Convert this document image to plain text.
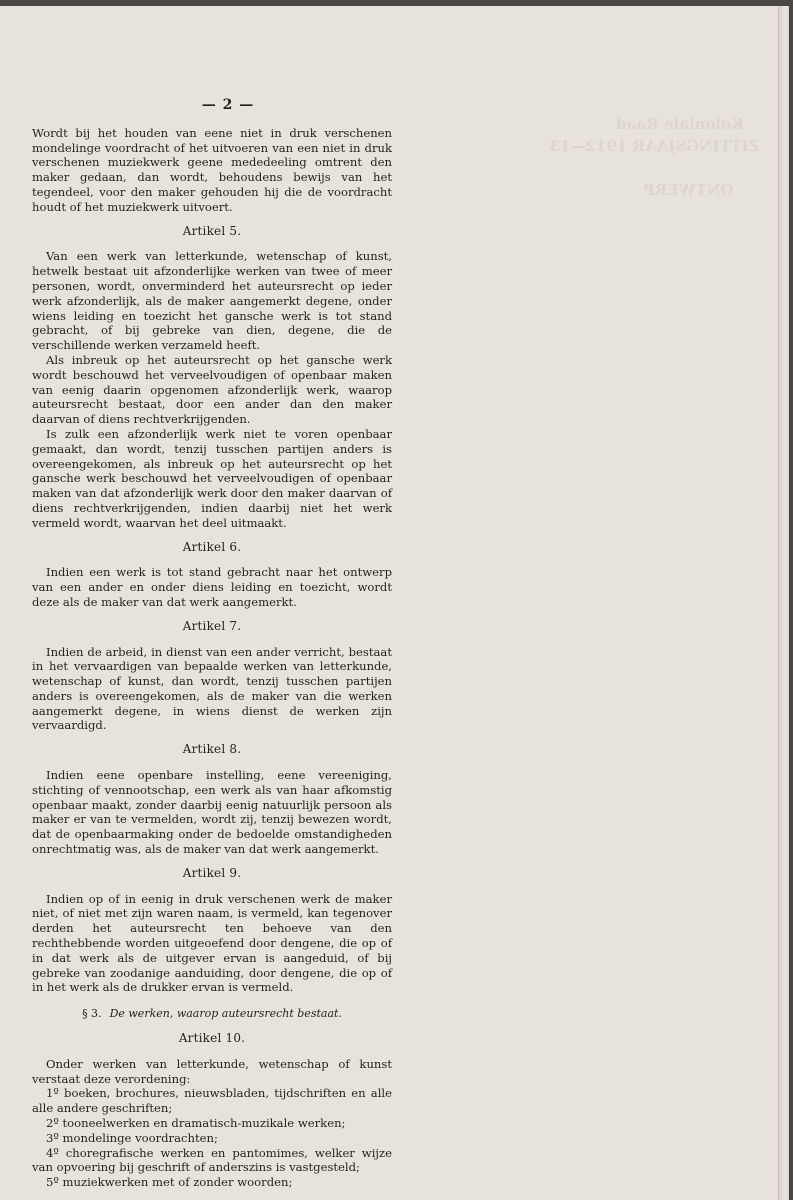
Koloniale Raad
ZITTINGSJAAR 1912—13

ONTWERP

— 2 —

Wordt bij het houden van eene niet in druk verschenen mondelinge voordracht of het uitvoeren van een niet in druk verschenen muziekwerk geene mededeeling omtrent den maker gedaan, dan wordt, behoudens bewijs van het tegendeel, voor den maker gehouden hij die de voordracht houdt of het muziekwerk uitvoert.

Artikel 5.

Van een werk van letterkunde, wetenschap of kunst, hetwelk bestaat uit afzonderlijke werken van twee of meer personen, wordt, onverminderd het auteursrecht op ieder werk afzonderlijk, als de maker aangemerkt degene, onder wiens leiding en toezicht het gansche werk is tot stand gebracht, of bij gebreke van dien, degene, die de verschillende werken verzameld heeft.

Als inbreuk op het auteursrecht op het gansche werk wordt beschouwd het verveelvoudigen of openbaar maken van eenig daarin opgenomen afzonderlijk werk, waarop auteursrecht bestaat, door een ander dan den maker daarvan of diens rechtverkrijgenden.

Is zulk een afzonderlijk werk niet te voren openbaar gemaakt, dan wordt, tenzij tusschen partijen anders is overeengekomen, als inbreuk op het auteursrecht op het gansche werk beschouwd het verveelvoudigen of openbaar maken van dat afzonderlijk werk door den maker daarvan of diens rechtverkrijgenden, indien daarbij niet het werk vermeld wordt, waarvan het deel uitmaakt.

Artikel 6.

Indien een werk is tot stand gebracht naar het ontwerp van een ander en onder diens leiding en toezicht, wordt deze als de maker van dat werk aangemerkt.

Artikel 7.

Indien de arbeid, in dienst van een ander verricht, bestaat in het vervaardigen van bepaalde werken van letterkunde, wetenschap of kunst, dan wordt, tenzij tusschen partijen anders is overeengekomen, als de maker van die werken aangemerkt degene, in wiens dienst de werken zijn vervaardigd.

Artikel 8.

Indien eene openbare instelling, eene vereeniging, stichting of vennootschap, een werk als van haar afkomstig openbaar maakt, zonder daarbij eenig natuurlijk persoon als maker er van te vermelden, wordt zij, tenzij bewezen wordt, dat de openbaarmaking onder de bedoelde omstandigheden onrechtmatig was, als de maker van dat werk aangemerkt.

Artikel 9.

Indien op of in eenig in druk verschenen werk de maker niet, of niet met zijn waren naam, is vermeld, kan tegenover derden het auteursrecht ten behoeve van den rechthebbende worden uitgeoefend door dengene, die op of in dat werk als de uitgever ervan is aangeduid, of bij gebreke van zoodanige aanduiding, door dengene, die op of in het werk als de drukker ervan is vermeld.

§ 3. De werken, waarop auteursrecht bestaat.
Artikel 10.

Onder werken van letterkunde, wetenschap of kunst verstaat deze verordening:

1º boeken, brochures, nieuwsbladen, tijdschriften en alle alle andere geschriften;

2º tooneelwerken en dramatisch-muzikale werken;

3º mondelinge voordrachten;

4º choregrafische werken en pantomimes, welker wijze van opvoering bij geschrift of anderszins is vastgesteld;

5º muziekwerken met of zonder woorden;
